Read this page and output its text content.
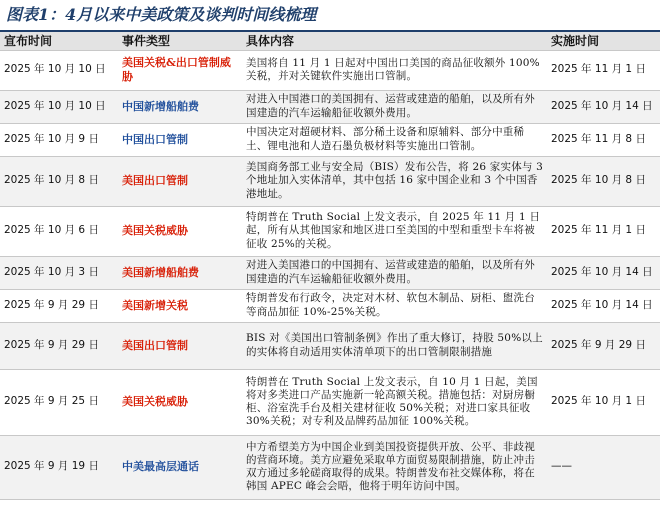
图表1：4月以来中美政策及谈判时间线梳理
宣布时间	事件类型	具体内容	实施时间
2025 年 10 月 10 日	美国关税&出口管制威胁	美国将自 11 月 1 日起对中国出口美国的商品征收额外 100%关税，并对关键软件实施出口管制。	2025 年 11 月 1 日
2025 年 10 月 10 日	中国新增船舶费	对进入中国港口的美国拥有、运营或建造的船舶，以及所有外国建造的汽车运输船征收额外费用。	2025 年 10 月 14 日
2025 年 10 月 9 日	中国出口管制	中国决定对超硬材料、部分稀土设备和原辅料、部分中重稀土、锂电池和人造石墨负极材料等实施出口管制。	2025 年 11 月 8 日
2025 年 10 月 8 日	美国出口管制	美国商务部工业与安全局（BIS）发布公告，将 26 家实体与 3 个地址加入实体清单，其中包括 16 家中国企业和 3 个中国香港地址。	2025 年 10 月 8 日
2025 年 10 月 6 日	美国关税威胁	特朗普在 Truth Social 上发文表示，自 2025 年 11 月 1 日起，所有从其他国家和地区进口至美国的中型和重型卡车将被征收 25%的关税。	2025 年 11 月 1 日
2025 年 10 月 3 日	美国新增船舶费	对进入美国港口的中国拥有、运营或建造的船舶，以及所有外国建造的汽车运输船征收额外费用。	2025 年 10 月 14 日
2025 年 9 月 29 日	美国新增关税	特朗普发布行政令，决定对木材、软包木制品、厨柜、盥洗台等商品加征 10%-25%关税。	2025 年 10 月 14 日
2025 年 9 月 29 日	美国出口管制	BIS 对《美国出口管制条例》作出了重大修订，持股 50%以上的实体将自动适用实体清单项下的出口管制限制措施	2025 年 9 月 29 日
2025 年 9 月 25 日	美国关税威胁	特朗普在 Truth Social 上发文表示，自 10 月 1 日起，美国将对多类进口产品实施新一轮高额关税。措施包括：对厨房橱柜、浴室洗手台及相关建材征收 50%关税；对进口家具征收 30%关税；对专利及品牌药品加征 100%关税。	2025 年 10 月 1 日
2025 年 9 月 19 日	中美最高层通话	中方希望美方为中国企业到美国投资提供开放、公平、非歧视的营商环境。美方应避免采取单方面贸易限制措施，防止冲击双方通过多轮磋商取得的成果。特朗普发布社交媒体称，将在韩国 APEC 峰会会晤，他将于明年访问中国。	——
